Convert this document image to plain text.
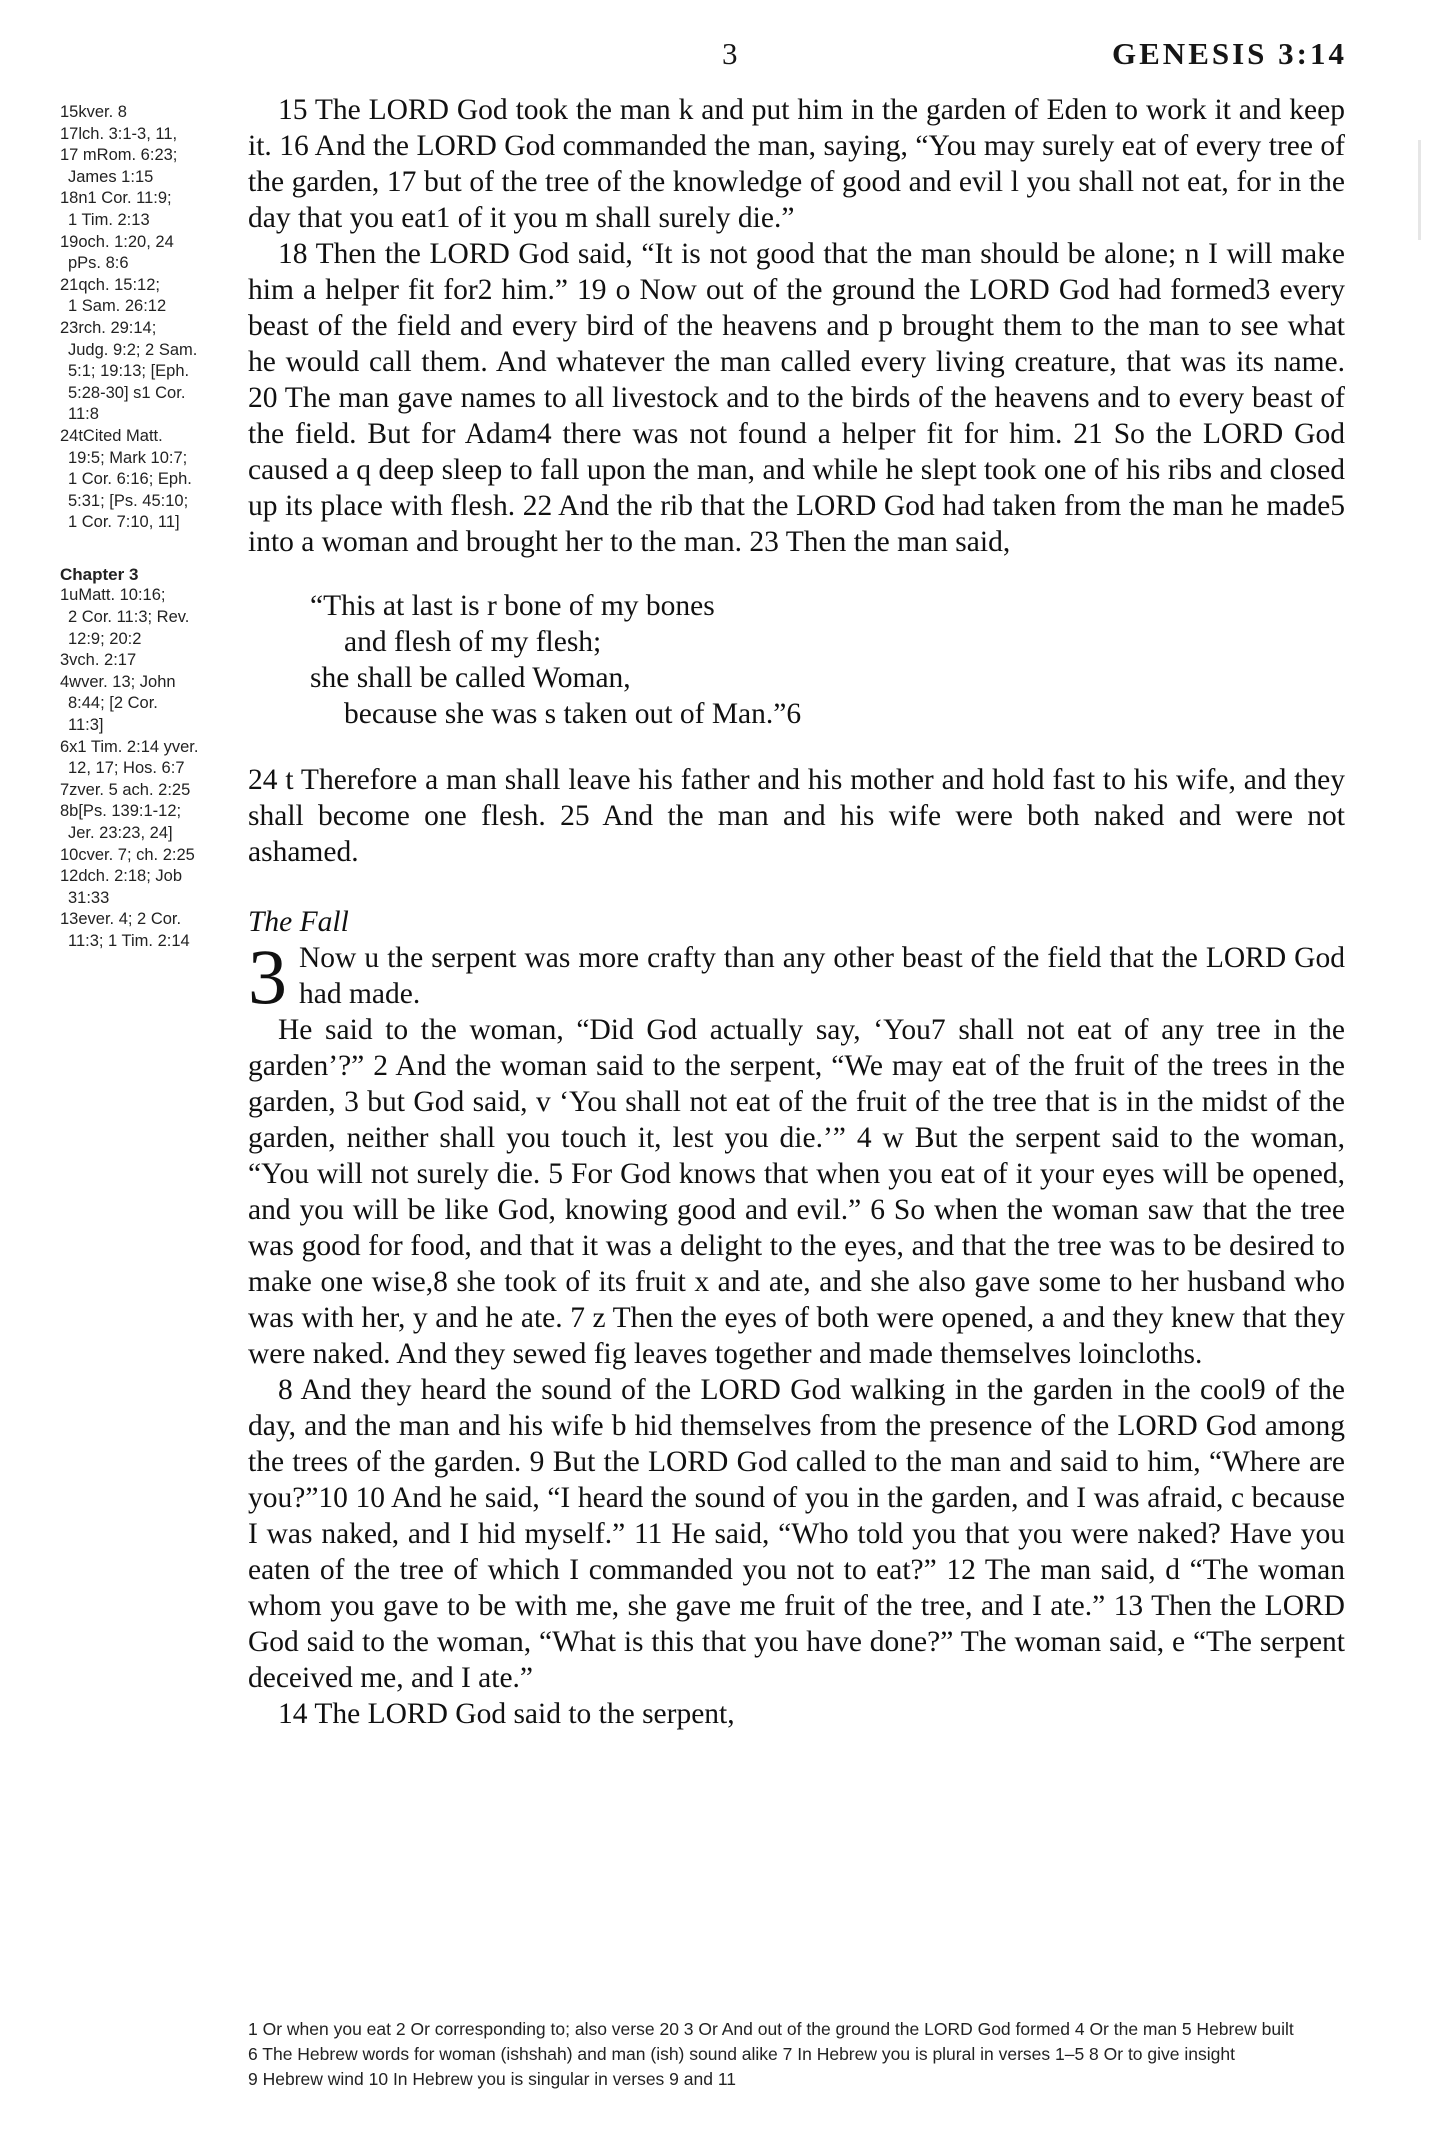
3	GENESIS 3:14
15kver. 8
17lch. 3:1-3, 11,
17 mRom. 6:23;
James 1:15
18n1 Cor. 11:9;
1 Tim. 2:13
19och. 1:20, 24
pPs. 8:6
21qch. 15:12;
1 Sam. 26:12
23rch. 29:14;
Judg. 9:2; 2 Sam.
5:1; 19:13; [Eph.
5:28-30] s1 Cor.
11:8
24tCited Matt.
19:5; Mark 10:7;
1 Cor. 6:16; Eph.
5:31; [Ps. 45:10;
1 Cor. 7:10, 11]
Chapter 3
1uMatt. 10:16;
2 Cor. 11:3; Rev.
12:9; 20:2
3vch. 2:17
4wver. 13; John
8:44; [2 Cor.
11:3]
6x1 Tim. 2:14 yver.
12, 17; Hos. 6:7
7zver. 5 ach. 2:25
8b[Ps. 139:1-12;
Jer. 23:23, 24]
10cver. 7; ch. 2:25
12dch. 2:18; Job
31:33
13ever. 4; 2 Cor.
11:3; 1 Tim. 2:14

15 The LORD God took the man k and put him in the garden of Eden to work it and keep it. 16 And the LORD God commanded the man, saying, “You may surely eat of every tree of the garden, 17 but of the tree of the knowledge of good and evil l you shall not eat, for in the day that you eat1 of it you m shall surely die.”

18 Then the LORD God said, “It is not good that the man should be alone; n I will make him a helper fit for2 him.” 19 o Now out of the ground the LORD God had formed3 every beast of the field and every bird of the heavens and p brought them to the man to see what he would call them. And whatever the man called every living creature, that was its name. 20 The man gave names to all livestock and to the birds of the heavens and to every beast of the field. But for Adam4 there was not found a helper fit for him. 21 So the LORD God caused a q deep sleep to fall upon the man, and while he slept took one of his ribs and closed up its place with flesh. 22 And the rib that the LORD God had taken from the man he made5 into a woman and brought her to the man. 23 Then the man said,

“This at last is r bone of my bones

and flesh of my flesh;

she shall be called Woman,

because she was s taken out of Man.”6

24 t Therefore a man shall leave his father and his mother and hold fast to his wife, and they shall become one flesh. 25 And the man and his wife were both naked and were not ashamed.

The Fall

3 Now u the serpent was more crafty than any other beast of the field that the LORD God had made.

He said to the woman, “Did God actually say, ‘You7 shall not eat of any tree in the garden’?” 2 And the woman said to the serpent, “We may eat of the fruit of the trees in the garden, 3 but God said, v ‘You shall not eat of the fruit of the tree that is in the midst of the garden, neither shall you touch it, lest you die.’” 4 w But the serpent said to the woman, “You will not surely die. 5 For God knows that when you eat of it your eyes will be opened, and you will be like God, knowing good and evil.” 6 So when the woman saw that the tree was good for food, and that it was a delight to the eyes, and that the tree was to be desired to make one wise,8 she took of its fruit x and ate, and she also gave some to her husband who was with her, y and he ate. 7 z Then the eyes of both were opened, a and they knew that they were naked. And they sewed fig leaves together and made themselves loincloths.

8 And they heard the sound of the LORD God walking in the garden in the cool9 of the day, and the man and his wife b hid themselves from the presence of the LORD God among the trees of the garden. 9 But the LORD God called to the man and said to him, “Where are you?”10 10 And he said, “I heard the sound of you in the garden, and I was afraid, c because I was naked, and I hid myself.” 11 He said, “Who told you that you were naked? Have you eaten of the tree of which I commanded you not to eat?” 12 The man said, d “The woman whom you gave to be with me, she gave me fruit of the tree, and I ate.” 13 Then the LORD God said to the woman, “What is this that you have done?” The woman said, e “The serpent deceived me, and I ate.”

14 The LORD God said to the serpent,

1 Or when you eat 2 Or corresponding to; also verse 20 3 Or And out of the ground the LORD God formed 4 Or the man 5 Hebrew built

6 The Hebrew words for woman (ishshah) and man (ish) sound alike 7 In Hebrew you is plural in verses 1–5 8 Or to give insight

9 Hebrew wind 10 In Hebrew you is singular in verses 9 and 11
